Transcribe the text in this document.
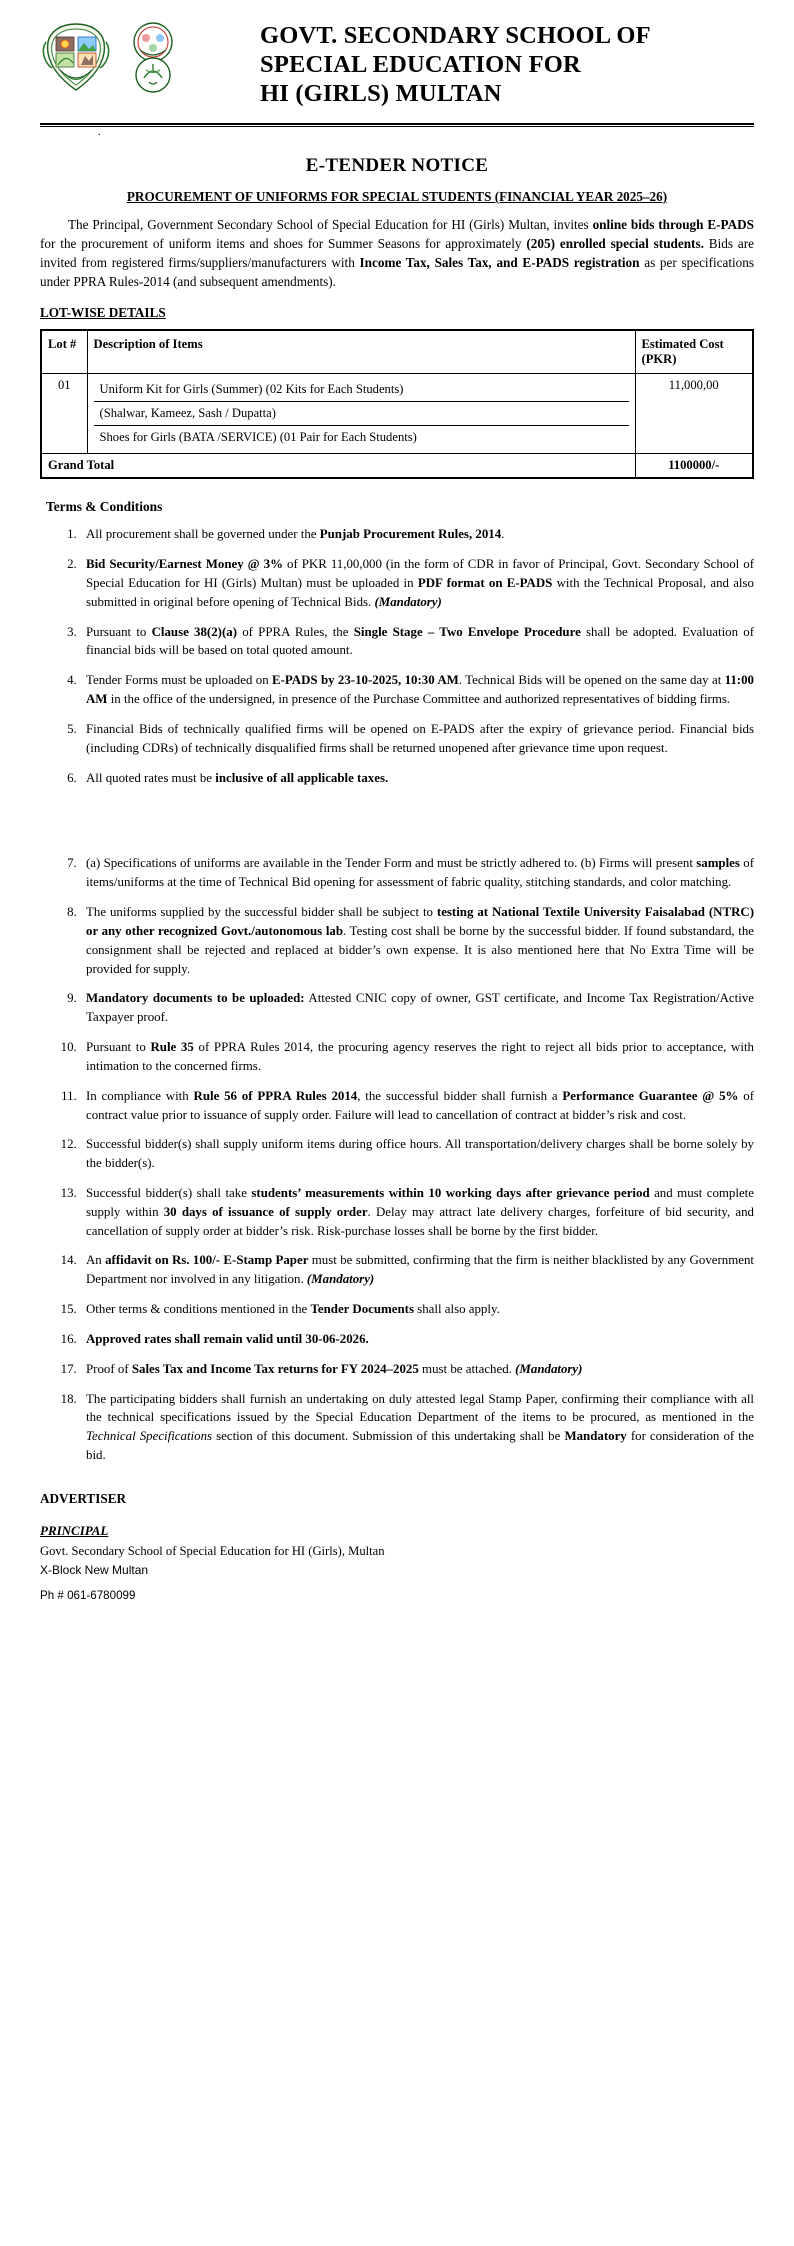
GOVT. SECONDARY SCHOOL OF
SPECIAL EDUCATION FOR
HI (GIRLS) MULTAN
.
E-TENDER NOTICE
PROCUREMENT OF UNIFORMS FOR SPECIAL STUDENTS (FINANCIAL YEAR 2025–26)

The Principal, Government Secondary School of Special Education for HI (Girls) Multan, invites online bids through E-PADS for the procurement of uniform items and shoes for Summer Seasons for approximately (205) enrolled special students. Bids are invited from registered firms/suppliers/manufacturers with Income Tax, Sales Tax, and E-PADS registration as per specifications under PPRA Rules-2014 (and subsequent amendments).

LOT-WISE DETAILS
Lot #	Description of Items	Estimated Cost (PKR)
01	Uniform Kit for Girls (Summer) (02 Kits for Each Students)
(Shalwar, Kameez, Sash / Dupatta)
Shoes for Girls (BATA /SERVICE) (01 Pair for Each Students)	11,000,00
Grand Total		1100000/-
Terms & Conditions
1. All procurement shall be governed under the Punjab Procurement Rules, 2014.
2. Bid Security/Earnest Money @ 3% of PKR 11,00,000 (in the form of CDR in favor of Principal, Govt. Secondary School of Special Education for HI (Girls) Multan) must be uploaded in PDF format on E-PADS with the Technical Proposal, and also submitted in original before opening of Technical Bids. (Mandatory)
3. Pursuant to Clause 38(2)(a) of PPRA Rules, the Single Stage – Two Envelope Procedure shall be adopted. Evaluation of financial bids will be based on total quoted amount.
4. Tender Forms must be uploaded on E-PADS by 23-10-2025, 10:30 AM. Technical Bids will be opened on the same day at 11:00 AM in the office of the undersigned, in presence of the Purchase Committee and authorized representatives of bidding firms.
5. Financial Bids of technically qualified firms will be opened on E-PADS after the expiry of grievance period. Financial bids (including CDRs) of technically disqualified firms shall be returned unopened after grievance time upon request.
6. All quoted rates must be inclusive of all applicable taxes.
7. (a) Specifications of uniforms are available in the Tender Form and must be strictly adhered to. (b) Firms will present samples of items/uniforms at the time of Technical Bid opening for assessment of fabric quality, stitching standards, and color matching.
8. The uniforms supplied by the successful bidder shall be subject to testing at National Textile University Faisalabad (NTRC) or any other recognized Govt./autonomous lab. Testing cost shall be borne by the successful bidder. If found substandard, the consignment shall be rejected and replaced at bidder’s own expense. It is also mentioned here that No Extra Time will be provided for supply.
9. Mandatory documents to be uploaded: Attested CNIC copy of owner, GST certificate, and Income Tax Registration/Active Taxpayer proof.
10. Pursuant to Rule 35 of PPRA Rules 2014, the procuring agency reserves the right to reject all bids prior to acceptance, with intimation to the concerned firms.
11. In compliance with Rule 56 of PPRA Rules 2014, the successful bidder shall furnish a Performance Guarantee @ 5% of contract value prior to issuance of supply order. Failure will lead to cancellation of contract at bidder’s risk and cost.
12. Successful bidder(s) shall supply uniform items during office hours. All transportation/delivery charges shall be borne solely by the bidder(s).
13. Successful bidder(s) shall take students’ measurements within 10 working days after grievance period and must complete supply within 30 days of issuance of supply order. Delay may attract late delivery charges, forfeiture of bid security, and cancellation of supply order at bidder’s risk. Risk-purchase losses shall be borne by the first bidder.
14. An affidavit on Rs. 100/- E-Stamp Paper must be submitted, confirming that the firm is neither blacklisted by any Government Department nor involved in any litigation. (Mandatory)
15. Other terms & conditions mentioned in the Tender Documents shall also apply.
16. Approved rates shall remain valid until 30-06-2026.
17. Proof of Sales Tax and Income Tax returns for FY 2024–2025 must be attached. (Mandatory)
18. The participating bidders shall furnish an undertaking on duly attested legal Stamp Paper, confirming their compliance with all the technical specifications issued by the Special Education Department of the items to be procured, as mentioned in the Technical Specifications section of this document. Submission of this undertaking shall be Mandatory for consideration of the bid.
ADVERTISER
PRINCIPAL
Govt. Secondary School of Special Education for HI (Girls), Multan
X-Block New Multan
Ph # 061-6780099
